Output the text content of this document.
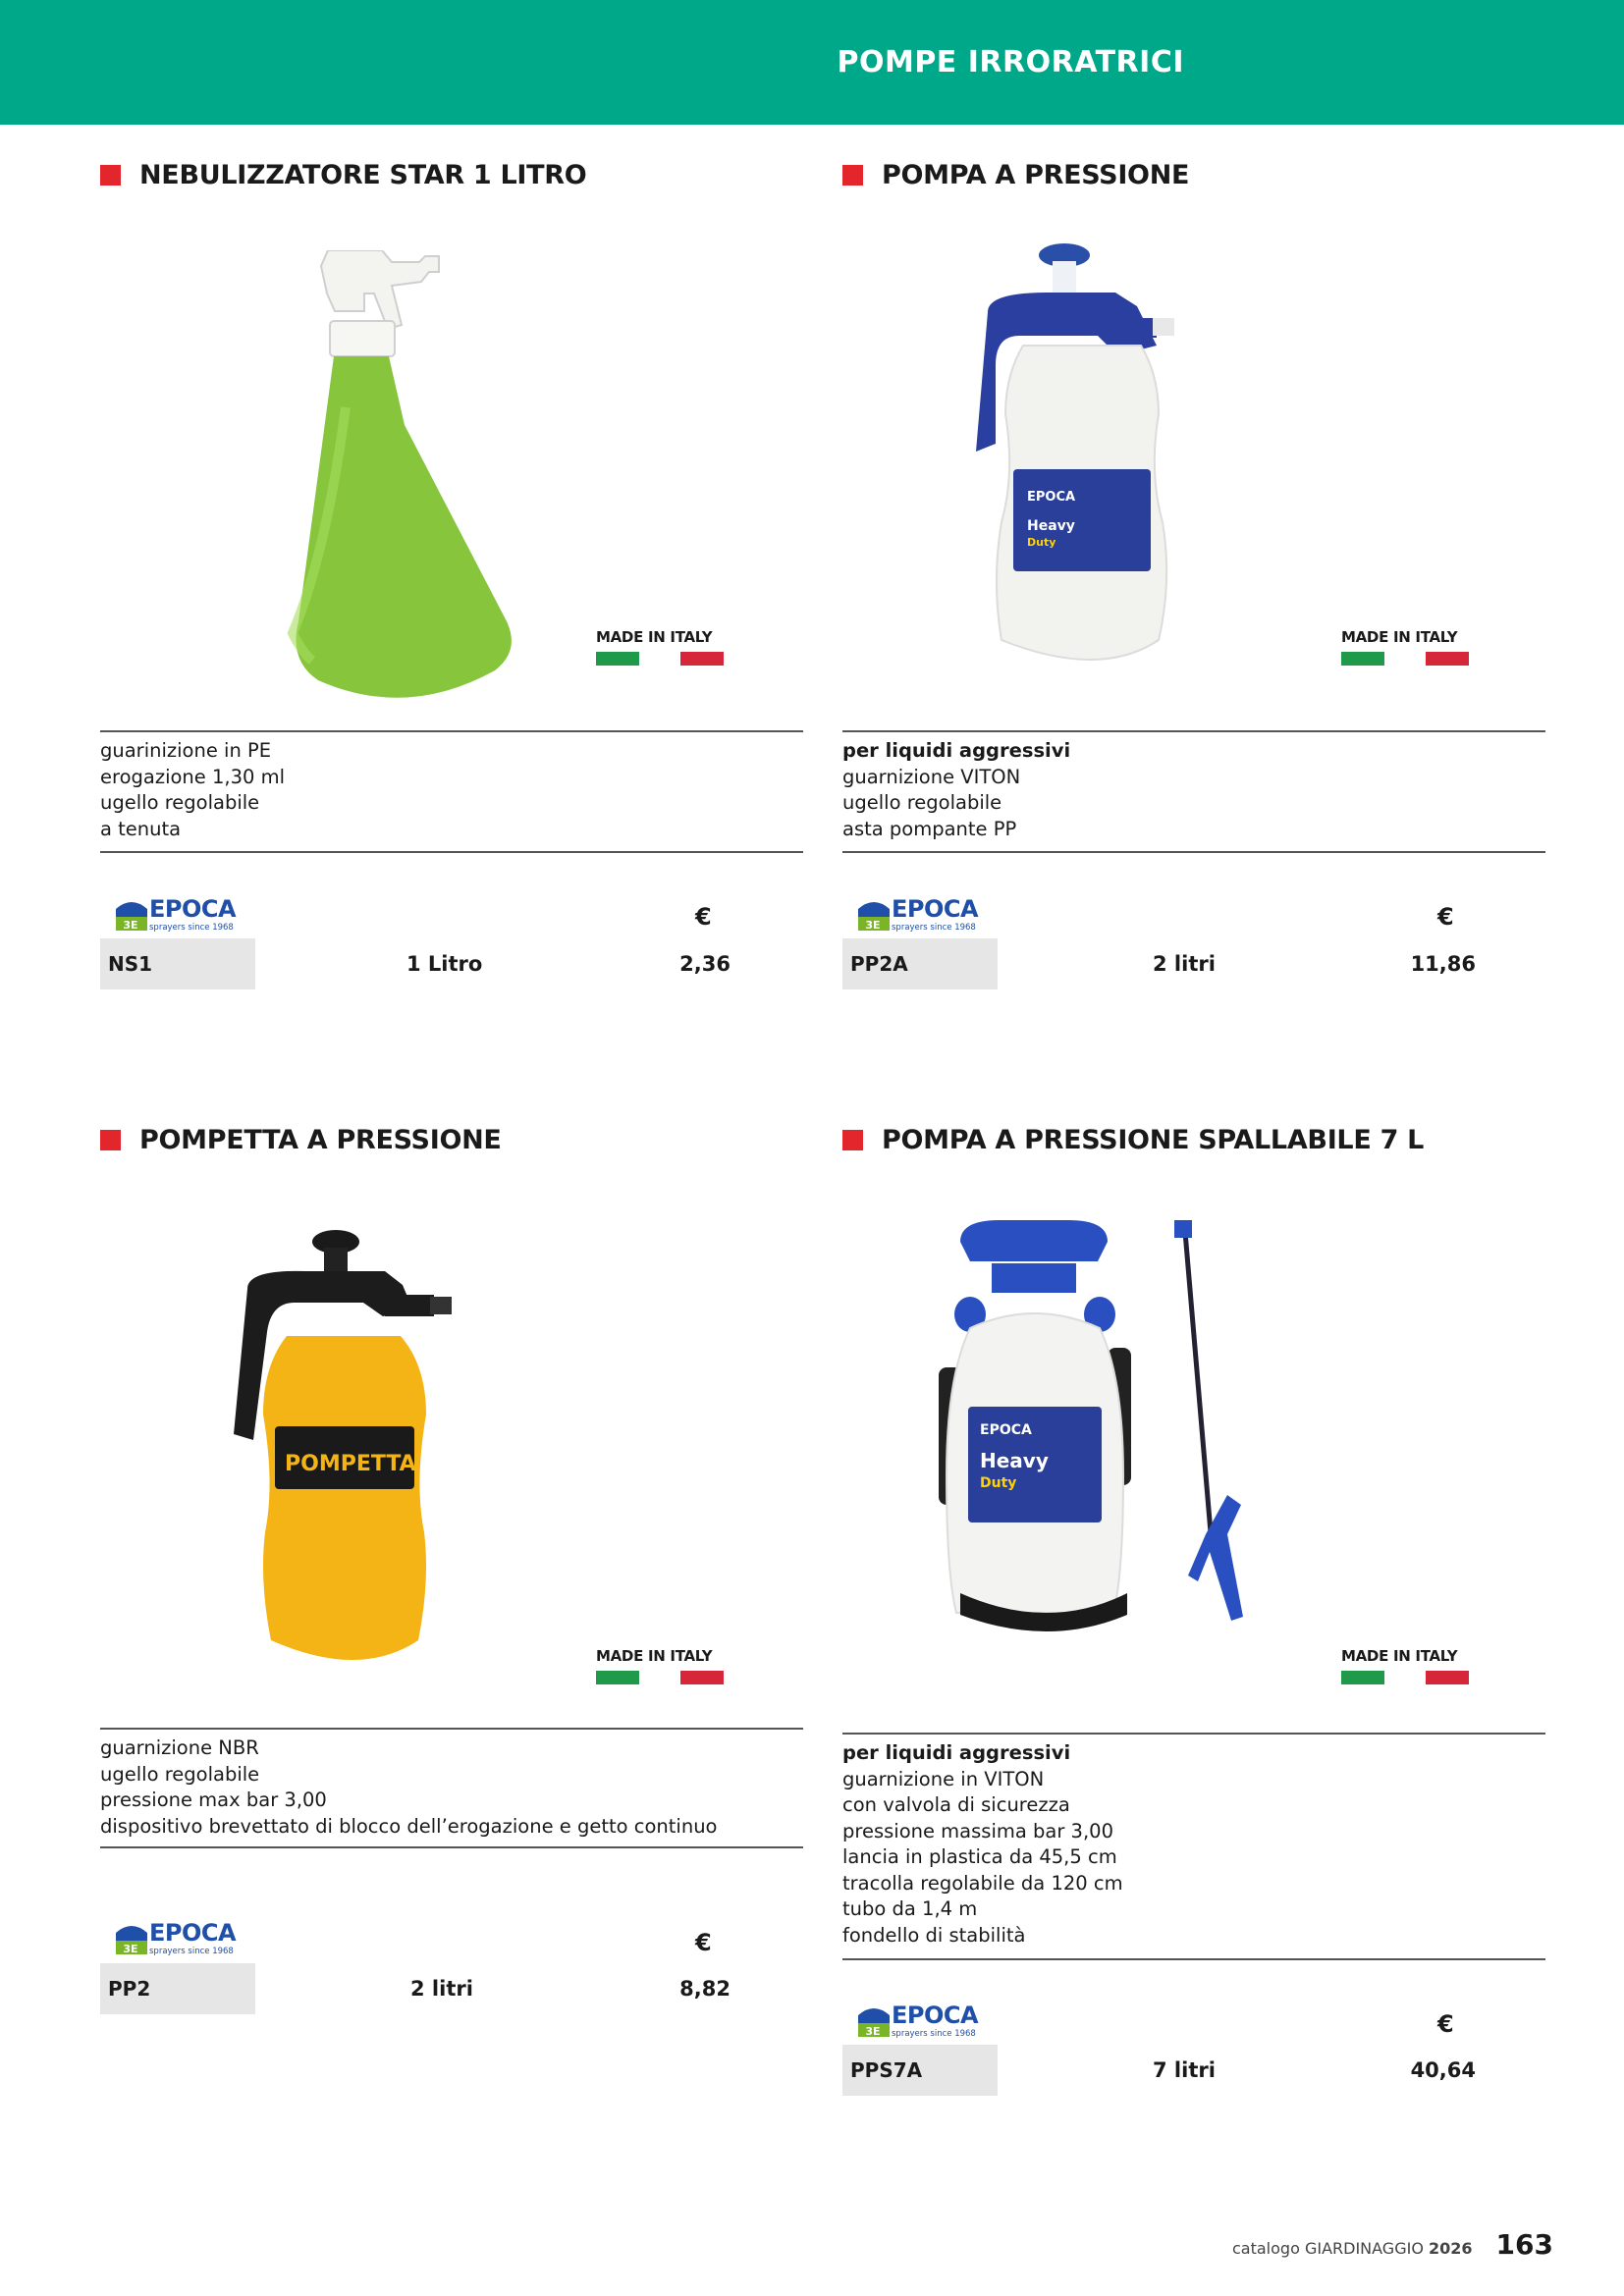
POMPE IRRORATRICI
NEBULIZZATORE STAR 1 LITRO
MADE IN ITALY
guarinizione in PE
erogazione 1,30 ml
ugello regolabile
a tenuta
3E
EPOCA
sprayers since 1968	€
NS1	1 Litro	2,36
POMPA A PRESSIONE
EPOCA
Heavy
Duty
MADE IN ITALY
per liquidi aggressivi
guarnizione VITON
ugello regolabile
asta pompante PP
3E
EPOCA
sprayers since 1968	€
PP2A	2 litri	11,86
POMPETTA A PRESSIONE
POMPETTA
MADE IN ITALY
guarnizione NBR
ugello regolabile
pressione max bar 3,00
dispositivo brevettato di blocco dell’erogazione e getto continuo
3E
EPOCA
sprayers since 1968	€
PP2	2 litri	8,82
POMPA A PRESSIONE SPALLABILE 7 L
EPOCA
Heavy
Duty
MADE IN ITALY
per liquidi aggressivi
guarnizione in VITON
con valvola di sicurezza
pressione massima bar 3,00
lancia in plastica da 45,5 cm
tracolla regolabile da 120 cm
tubo da 1,4 m
fondello di stabilità
3E
EPOCA
sprayers since 1968	€
PPS7A	7 litri	40,64
catalogo GIARDINAGGIO 2026 163
